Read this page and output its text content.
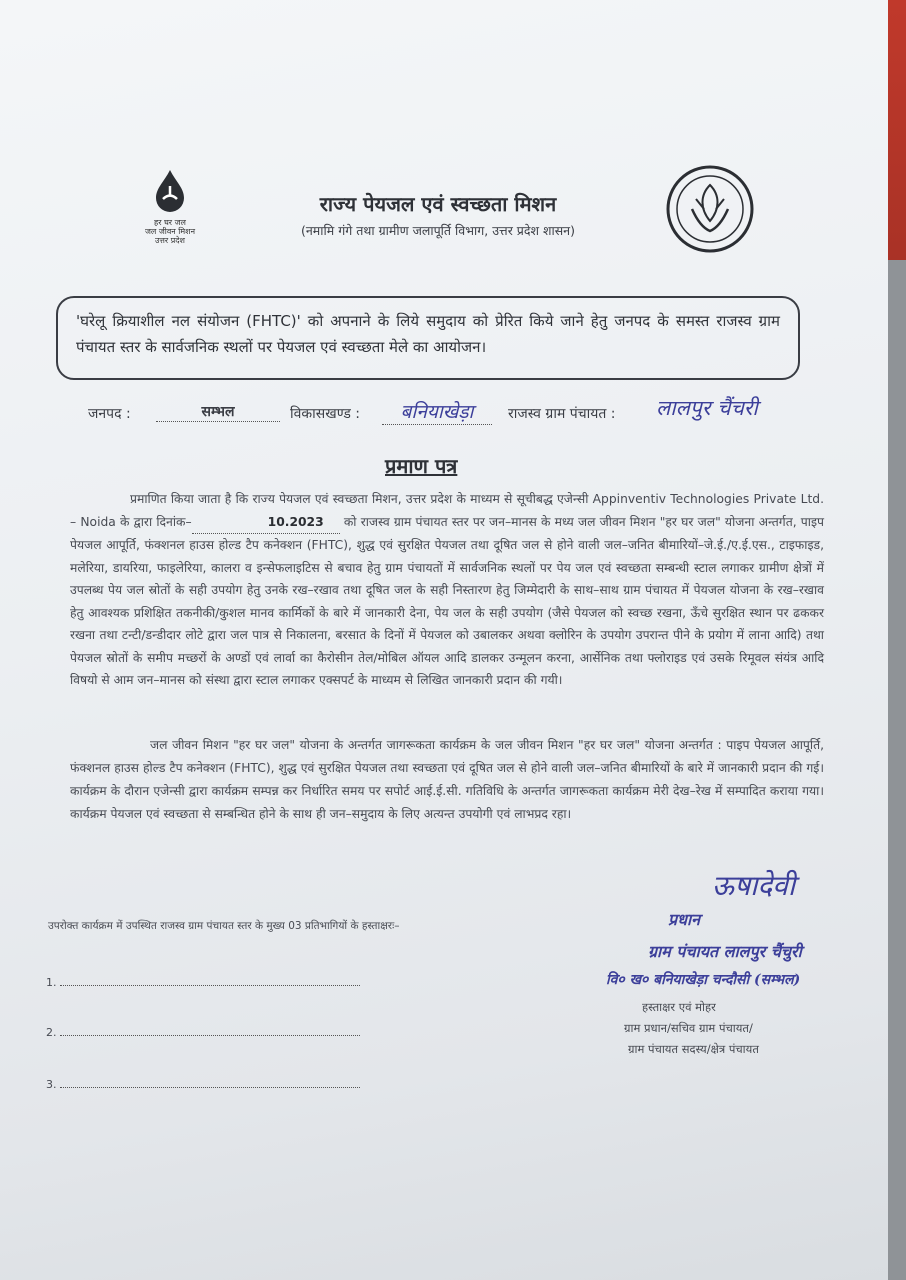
हर घर जल
जल जीवन मिशन
उत्तर प्रदेश
राज्य पेयजल एवं स्वच्छता मिशन
(नमामि गंगे तथा ग्रामीण जलापूर्ति विभाग, उत्तर प्रदेश शासन)
'घरेलू क्रियाशील नल संयोजन (FHTC)' को अपनाने के लिये समुदाय को प्रेरित किये जाने हेतु जनपद के समस्त राजस्व ग्राम पंचायत स्तर के सार्वजनिक स्थलों पर पेयजल एवं स्वच्छता मेले का आयोजन।
जनपद :	सम्भल	विकासखण्ड :	बनियाखेड़ा	राजस्व ग्राम पंचायत : लालपुर चैंचरी
प्रमाण पत्र
प्रमाणित किया जाता है कि राज्य पेयजल एवं स्वच्छता मिशन, उत्तर प्रदेश के माध्यम से सूचीबद्ध एजेन्सी Appinventiv Technologies Private Ltd. – Noida के द्वारा दिनांक–	10.2023 को राजस्व ग्राम पंचायत स्तर पर जन–मानस के मध्य जल जीवन मिशन "हर घर जल" योजना अन्तर्गत, पाइप पेयजल आपूर्ति, फंक्शनल हाउस होल्ड टैप कनेक्शन (FHTC), शुद्ध एवं सुरक्षित पेयजल तथा दूषित जल से होने वाली जल–जनित बीमारियों–जे.ई./ए.ई.एस., टाइफाइड, मलेरिया, डायरिया, फाइलेरिया, कालरा व इन्सेफलाइटिस से बचाव हेतु ग्राम पंचायतों में सार्वजनिक स्थलों पर पेय जल एवं स्वच्छता सम्बन्धी स्टाल लगाकर ग्रामीण क्षेत्रों में उपलब्ध पेय जल स्रोतों के सही उपयोग हेतु उनके रख–रखाव तथा दूषित जल के सही निस्तारण हेतु जिम्मेदारी के साथ–साथ ग्राम पंचायत में पेयजल योजना के रख–रखाव हेतु आवश्यक प्रशिक्षित तकनीकी/कुशल मानव कार्मिकों के बारे में जानकारी देना, पेय जल के सही उपयोग (जैसे पेयजल को स्वच्छ रखना, ऊँचे सुरक्षित स्थान पर ढककर रखना तथा टन्टी/डन्डीदार लोटे द्वारा जल पात्र से निकालना, बरसात के दिनों में पेयजल को उबालकर अथवा क्लोरिन के उपयोग उपरान्त पीने के प्रयोग में लाना आदि) तथा पेयजल स्रोतों के समीप मच्छरों के अण्डों एवं लार्वा का कैरोसीन तेल/मोबिल ऑयल आदि डालकर उन्मूलन करना, आर्सेनिक तथा फ्लोराइड एवं उसके रिमूवल संयंत्र आदि विषयो से आम जन–मानस को संस्था द्वारा स्टाल लगाकर एक्सपर्ट के माध्यम से लिखित जानकारी प्रदान की गयी।
जल जीवन मिशन "हर घर जल" योजना के अन्तर्गत जागरूकता कार्यक्रम के जल जीवन मिशन "हर घर जल" योजना अन्तर्गत : पाइप पेयजल आपूर्ति, फंक्शनल हाउस होल्ड टैप कनेक्शन (FHTC), शुद्ध एवं सुरक्षित पेयजल तथा स्वच्छता एवं दूषित जल से होने वाली जल–जनित बीमारियों के बारे में जानकारी प्रदान की गई। कार्यक्रम के दौरान एजेन्सी द्वारा कार्यक्रम सम्पन्न कर निर्धारित समय पर सपोर्ट आई.ई.सी. गतिविधि के अन्तर्गत जागरूकता कार्यक्रम मेरी देख–रेख में सम्पादित कराया गया। कार्यक्रम पेयजल एवं स्वच्छता से सम्बन्धित होने के साथ ही जन–समुदाय के लिए अत्यन्त उपयोगी एवं लाभप्रद रहा।
उपरोक्त कार्यक्रम में उपस्थित राजस्व ग्राम पंचायत स्तर के मुख्य 03 प्रतिभागियों के हस्ताक्षरः–
1.
2.
3.
ऊषादेवी
प्रधान
ग्राम पंचायत लालपुर चैंचुरी
वि० ख० बनियाखेड़ा चन्दौसी (सम्भल)
हस्ताक्षर एवं मोहर
ग्राम प्रधान/सचिव ग्राम पंचायत/
ग्राम पंचायत सदस्य/क्षेत्र पंचायत
